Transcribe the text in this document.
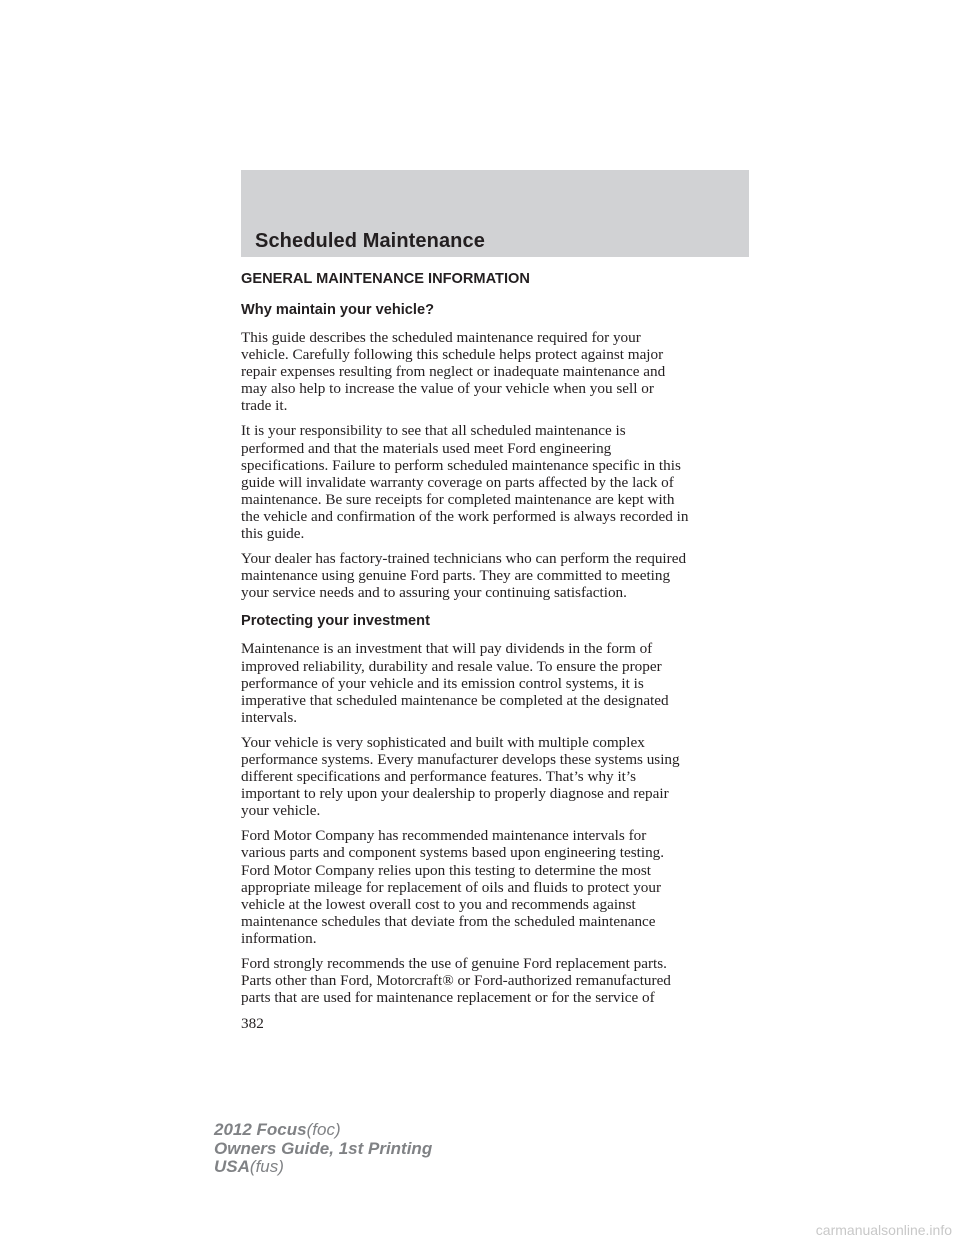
Scheduled Maintenance
GENERAL MAINTENANCE INFORMATION
Why maintain your vehicle?

This guide describes the scheduled maintenance required for your
vehicle. Carefully following this schedule helps protect against major
repair expenses resulting from neglect or inadequate maintenance and
may also help to increase the value of your vehicle when you sell or
trade it.

It is your responsibility to see that all scheduled maintenance is
performed and that the materials used meet Ford engineering
specifications. Failure to perform scheduled maintenance specific in this
guide will invalidate warranty coverage on parts affected by the lack of
maintenance. Be sure receipts for completed maintenance are kept with
the vehicle and confirmation of the work performed is always recorded in
this guide.

Your dealer has factory-trained technicians who can perform the required
maintenance using genuine Ford parts. They are committed to meeting
your service needs and to assuring your continuing satisfaction.

Protecting your investment

Maintenance is an investment that will pay dividends in the form of
improved reliability, durability and resale value. To ensure the proper
performance of your vehicle and its emission control systems, it is
imperative that scheduled maintenance be completed at the designated
intervals.

Your vehicle is very sophisticated and built with multiple complex
performance systems. Every manufacturer develops these systems using
different specifications and performance features. That’s why it’s
important to rely upon your dealership to properly diagnose and repair
your vehicle.

Ford Motor Company has recommended maintenance intervals for
various parts and component systems based upon engineering testing.
Ford Motor Company relies upon this testing to determine the most
appropriate mileage for replacement of oils and fluids to protect your
vehicle at the lowest overall cost to you and recommends against
maintenance schedules that deviate from the scheduled maintenance
information.

Ford strongly recommends the use of genuine Ford replacement parts.
Parts other than Ford, Motorcraft® or Ford-authorized remanufactured
parts that are used for maintenance replacement or for the service of

382

2012 Focus(foc)
Owners Guide, 1st Printing
USA(fus)
carmanualsonline.info
